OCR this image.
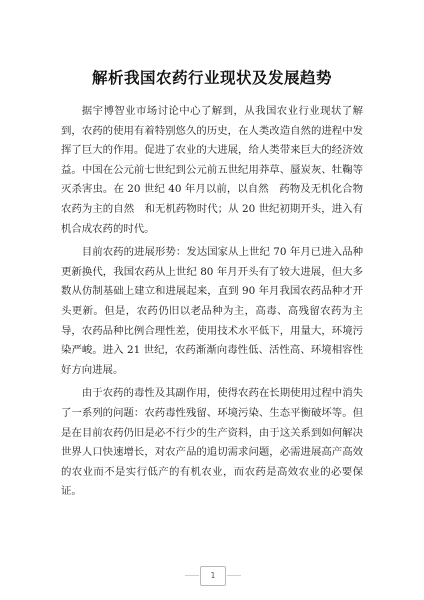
解析我国农药行业现状及发展趋势

据宇博智业市场讨论中心了解到，从我国农业行业现状了解到，农药的使用有着特别悠久的历史，在人类改造自然的进程中发挥了巨大的作用。促进了农业的大进展，给人类带来巨大的经济效益。中国在公元前七世纪到公元前五世纪用莽草、蜃炭灰、牡鞠等灭杀害虫。在 20 世纪 40 年月以前，以自然　药物及无机化合物农药为主的自然　和无机药物时代；从 20 世纪初期开头，进入有机合成农药的时代。

目前农药的进展形势：发达国家从上世纪 70 年月已进入品种更新换代，我国农药从上世纪 80 年月开头有了较大进展，但大多数从仿制基础上建立和进展起来，直到 90 年月我国农药品种才开头更新。但是，农药仍旧以老品种为主，高毒、高残留农药为主导，农药品种比例合理性差，使用技术水平低下，用量大，环境污染严峻。进入 21 世纪，农药渐渐向毒性低、活性高、环境相容性好方向进展。

由于农药的毒性及其副作用，使得农药在长期使用过程中消失了一系列的问题：农药毒性残留、环境污染、生态平衡破坏等。但是在目前农药仍旧是必不行少的生产资料，由于这关系到如何解决世界人口快速增长，对农产品的追切需求问题，必需进展高产高效的农业而不是实行低产的有机农业，而农药是高效农业的必要保证。

1
